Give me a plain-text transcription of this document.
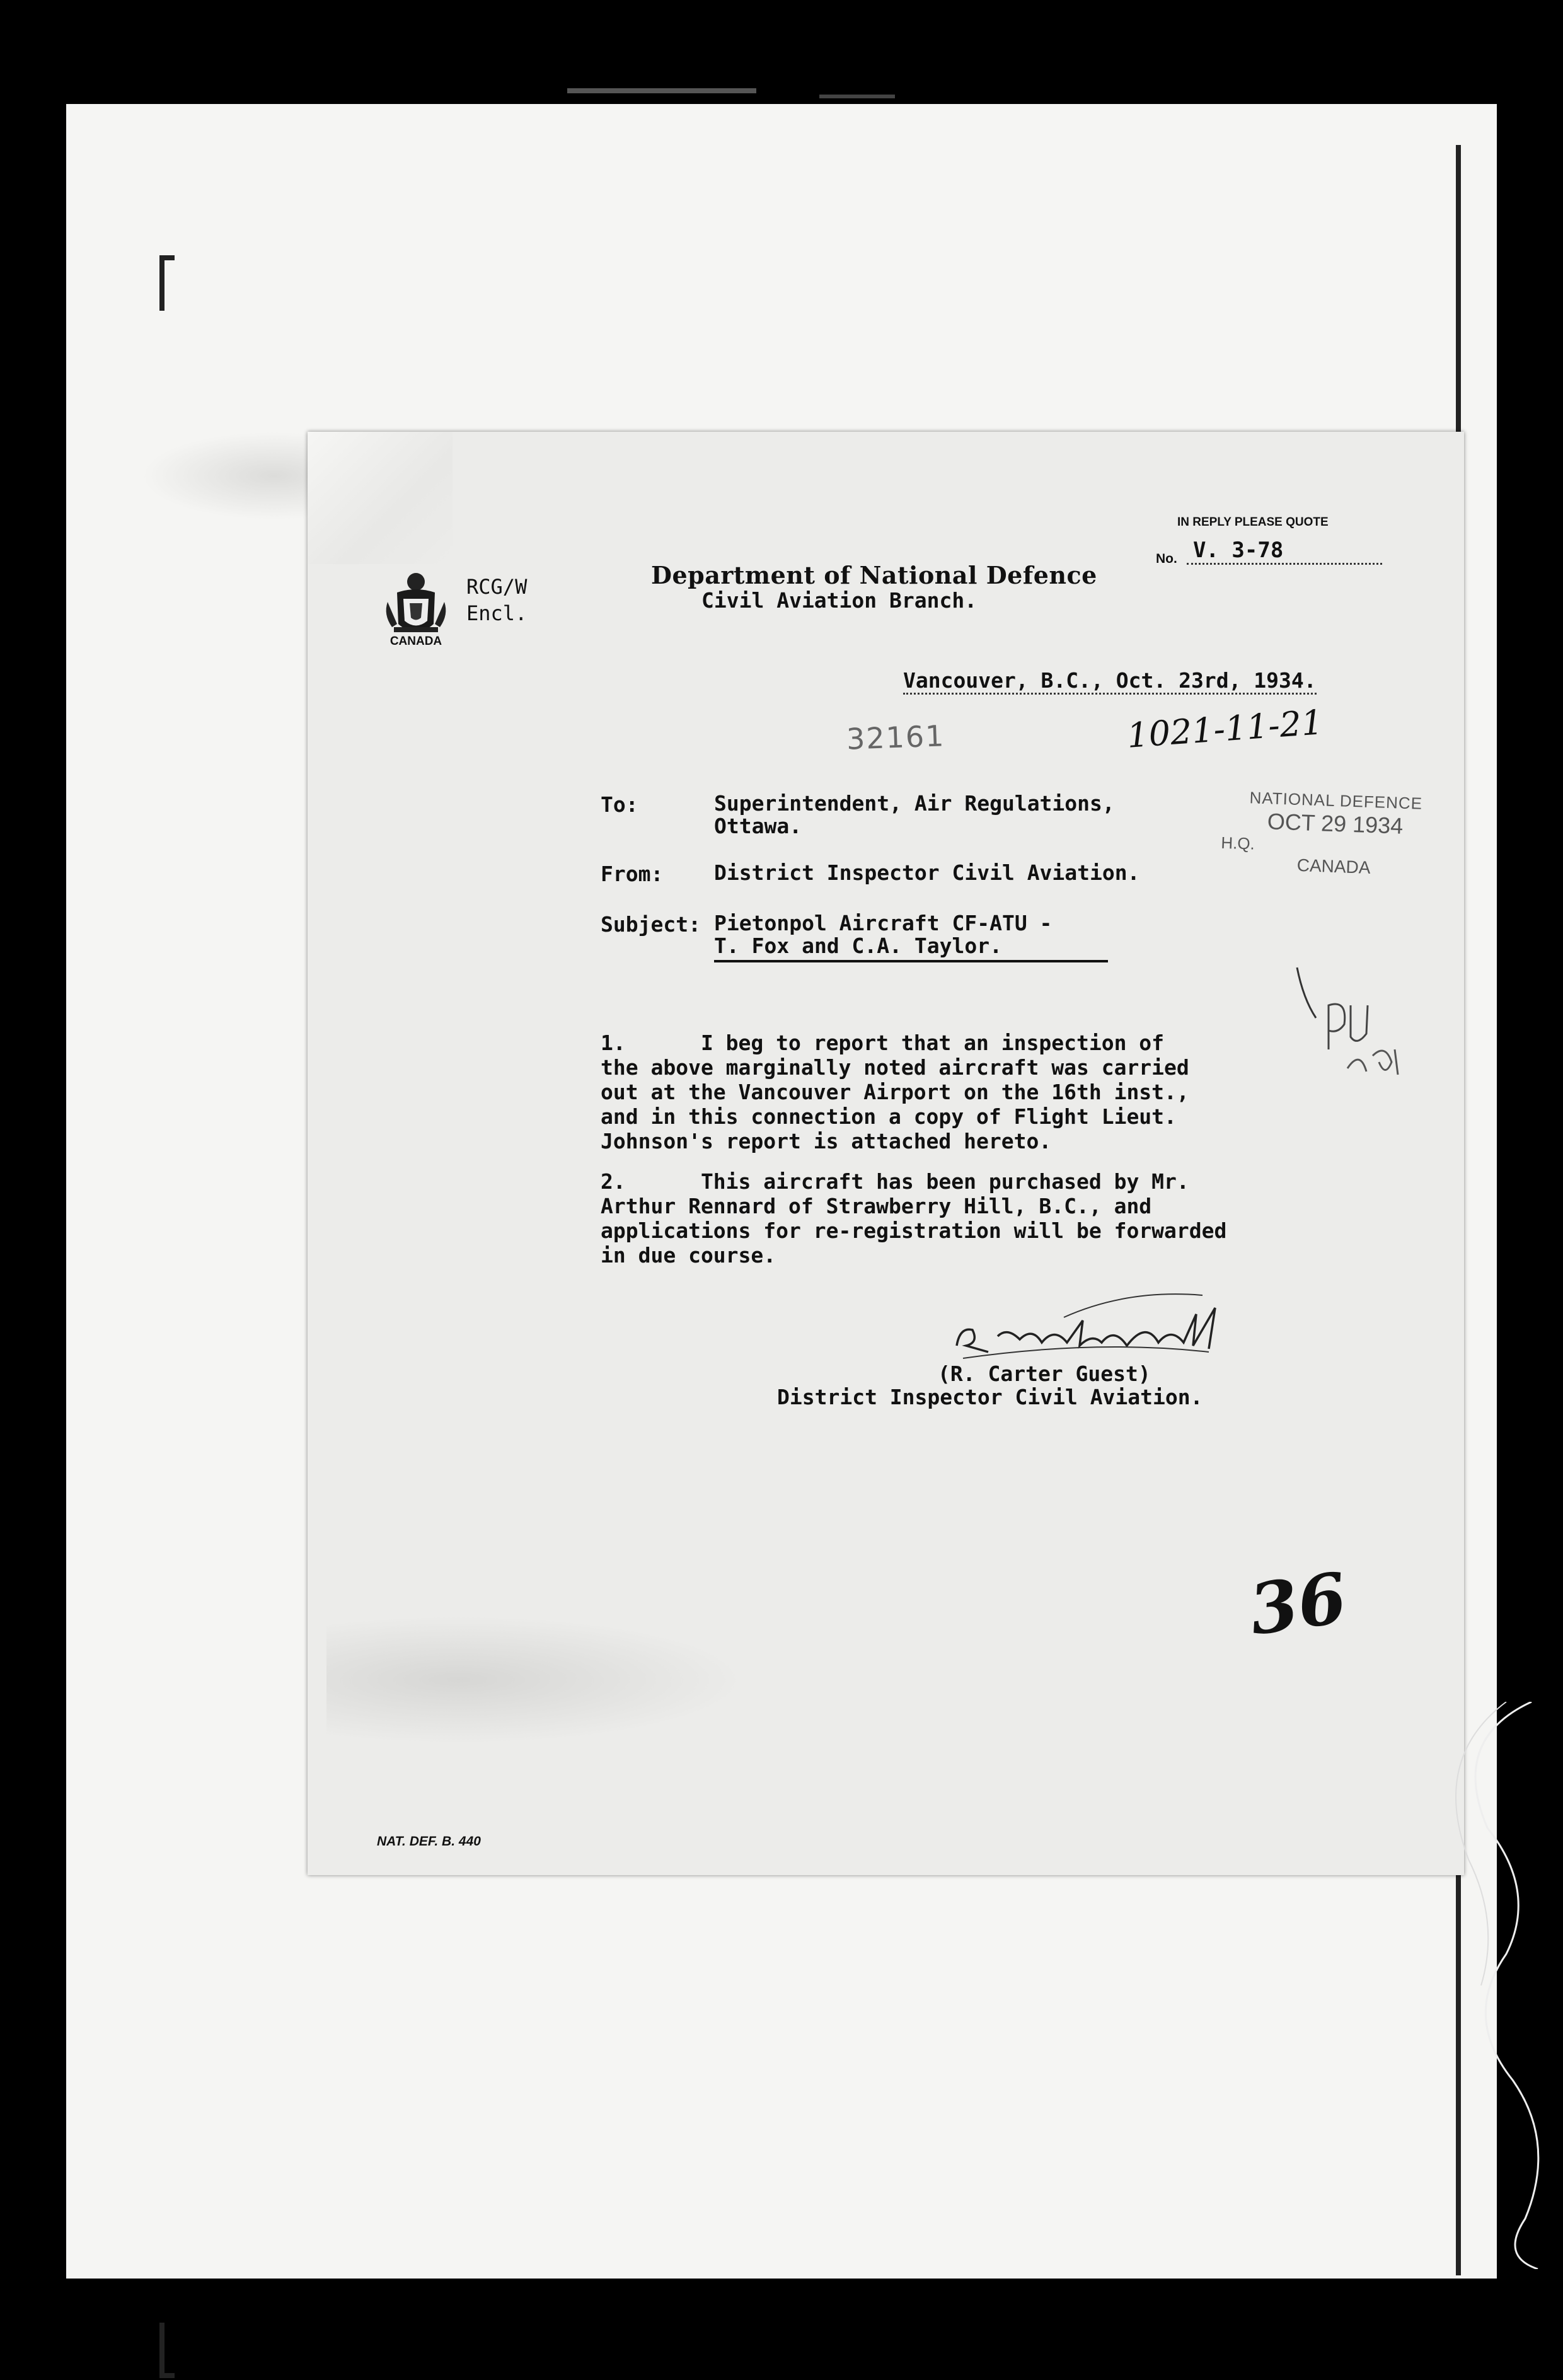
CANADA
RCG/W
Encl.
Department of National Defence
Civil Aviation Branch.
IN REPLY PLEASE QUOTE
No. V. 3-78
Vancouver, B.C., Oct. 23rd, 1934.
32161	1021-11-21
NATIONAL DEFENCE
OCT 29 1934
H.Q.
CANADA
To:	Superintendent, Air Regulations,
Ottawa.
From: District Inspector Civil Aviation.
Subject: Pietonpol Aircraft CF-ATU -
T. Fox and C.A. Taylor.
1.      I beg to report that an inspection of
the above marginally noted aircraft was carried
out at the Vancouver Airport on the 16th inst.,
and in this connection a copy of Flight Lieut.
Johnson's report is attached hereto.
2.      This aircraft has been purchased by Mr.
Arthur Rennard of Strawberry Hill, B.C., and
applications for re-registration will be forwarded
in due course.
(R. Carter Guest)
District Inspector Civil Aviation.
36
NAT. DEF. B. 440
